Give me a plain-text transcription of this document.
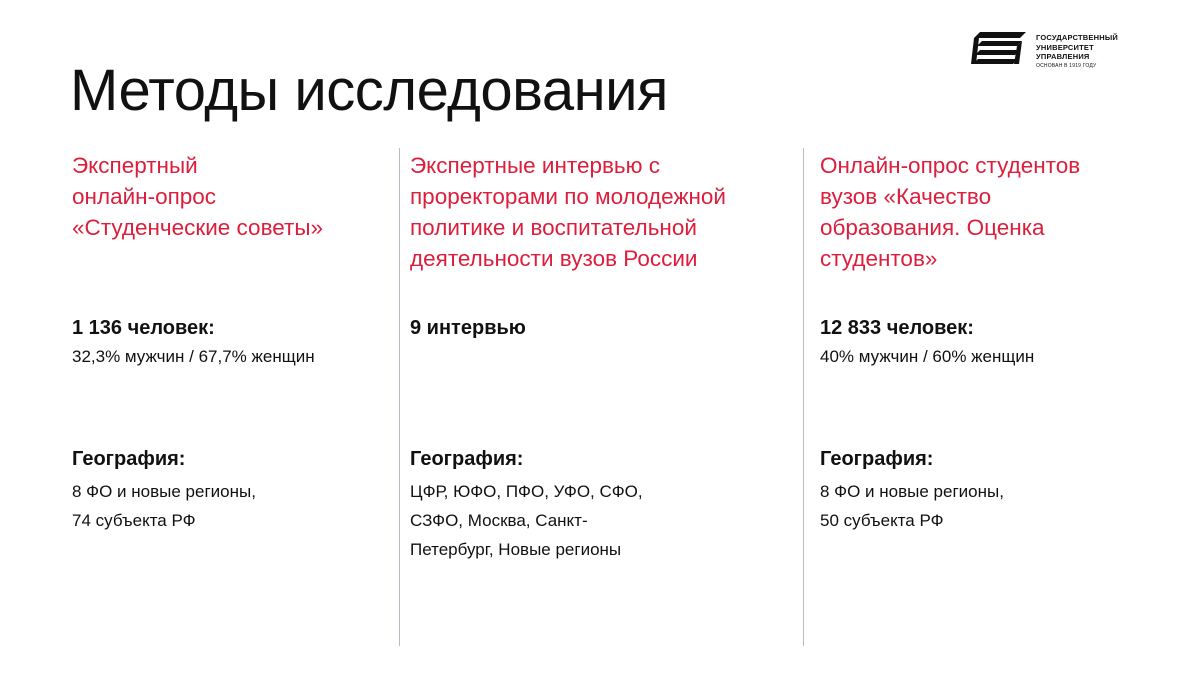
Методы исследования
ГОСУДАРСТВЕННЫЙ
УНИВЕРСИТЕТ
УПРАВЛЕНИЯ
ОСНОВАН В 1919 ГОДУ

Экспертный
онлайн-опрос
«Студенческие советы»

1 136 человек:
32,3% мужчин / 67,7% женщин
География:
8 ФО и новые регионы,
74 субъекта РФ

Экспертные интервью с
проректорами по молодежной
политике и воспитательной
деятельности вузов России

9 интервью
География:
ЦФР, ЮФО, ПФО, УФО, СФО,
СЗФО, Москва, Санкт-
Петербург, Новые регионы

Онлайн-опрос студентов
вузов «Качество
образования. Оценка
студентов»

12 833 человек:
40% мужчин / 60% женщин
География:
8 ФО и новые регионы,
50 субъекта РФ
